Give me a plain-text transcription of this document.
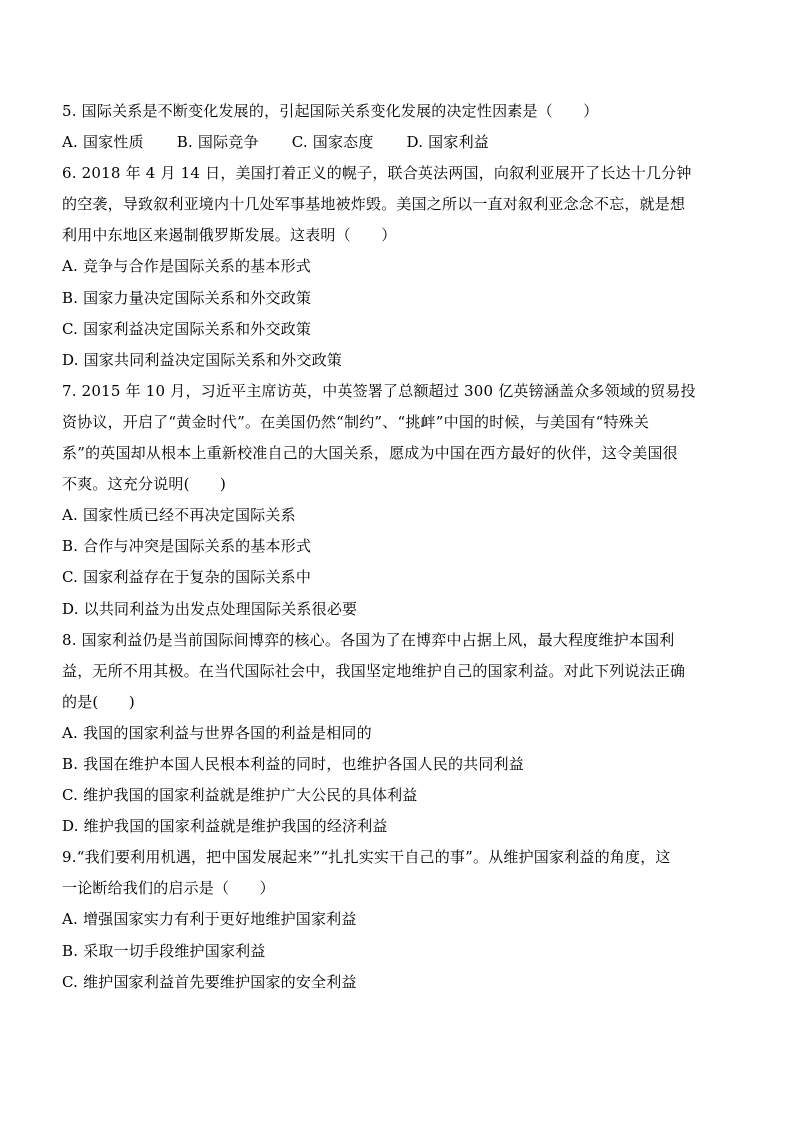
5. 国际关系是不断变化发展的，引起国际关系变化发展的决定性因素是（　　）
A. 国家性质 B. 国际竞争 C. 国家态度 D. 国家利益
6. 2018 年 4 月 14 日，美国打着正义的幌子，联合英法两国，向叙利亚展开了长达十几分钟
的空袭，导致叙利亚境内十几处军事基地被炸毁。美国之所以一直对叙利亚念念不忘，就是想
利用中东地区来遏制俄罗斯发展。这表明（　　）
A. 竞争与合作是国际关系的基本形式
B. 国家力量决定国际关系和外交政策
C. 国家利益决定国际关系和外交政策
D. 国家共同利益决定国际关系和外交政策
7. 2015 年 10 月，习近平主席访英，中英签署了总额超过 300 亿英镑涵盖众多领域的贸易投
资协议，开启了“黄金时代”。在美国仍然“制约”、“挑衅”中国的时候，与美国有“特殊关
系”的英国却从根本上重新校准自己的大国关系，愿成为中国在西方最好的伙伴，这令美国很
不爽。这充分说明(　　)
A. 国家性质已经不再决定国际关系
B. 合作与冲突是国际关系的基本形式
C. 国家利益存在于复杂的国际关系中
D. 以共同利益为出发点处理国际关系很必要
8. 国家利益仍是当前国际间博弈的核心。各国为了在博弈中占据上风，最大程度维护本国利
益，无所不用其极。在当代国际社会中，我国坚定地维护自己的国家利益。对此下列说法正确
的是(　　)
A. 我国的国家利益与世界各国的利益是相同的
B. 我国在维护本国人民根本利益的同时，也维护各国人民的共同利益
C. 维护我国的国家利益就是维护广大公民的具体利益
D. 维护我国的国家利益就是维护我国的经济利益
9.“我们要利用机遇，把中国发展起来”“扎扎实实干自己的事”。从维护国家利益的角度，这
一论断给我们的启示是（　　）
A. 增强国家实力有利于更好地维护国家利益
B. 采取一切手段维护国家利益
C. 维护国家利益首先要维护国家的安全利益
